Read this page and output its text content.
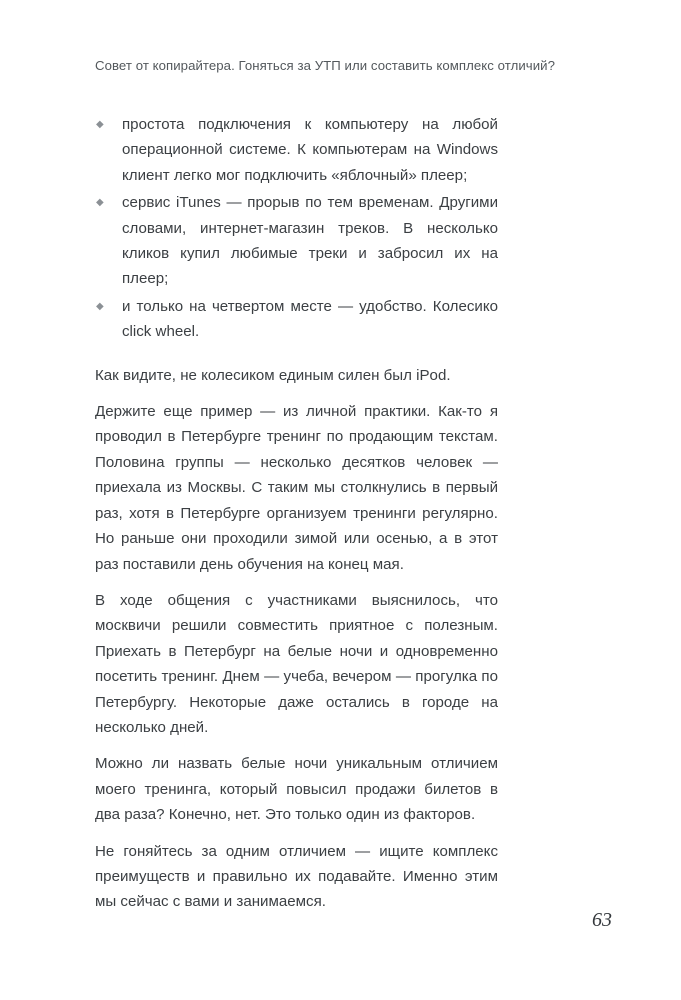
Совет от копирайтера. Гоняться за УТП или составить комплекс отличий?
◆	простота подключения к компьютеру на любой операционной системе. К компьютерам на Windows клиент легко мог подключить «яблочный» плеер;
◆	сервис iTunes — прорыв по тем временам. Другими словами, интернет-магазин треков. В несколько кликов купил любимые треки и забросил их на плеер;
◆	и только на четвертом месте — удобство. Колесико click wheel.

Как видите, не колесиком единым силен был iPod.

Держите еще пример — из личной практики. Как-то я проводил в Петербурге тренинг по продающим текстам. Половина группы — несколько десятков человек — приехала из Москвы. С таким мы столкнулись в первый раз, хотя в Петербурге организуем тренинги регулярно. Но раньше они проходили зимой или осенью, а в этот раз поставили день обучения на конец мая.

В ходе общения с участниками выяснилось, что москвичи решили совместить приятное с полезным. Приехать в Петербург на белые ночи и одновременно посетить тренинг. Днем — учеба, вечером — прогулка по Петербургу. Некоторые даже остались в городе на несколько дней.

Можно ли назвать белые ночи уникальным отличием моего тренинга, который повысил продажи билетов в два раза? Конечно, нет. Это только один из факторов.

Не гоняйтесь за одним отличием — ищите комплекс преимуществ и правильно их подавайте. Именно этим мы сейчас с вами и занимаемся.

63
